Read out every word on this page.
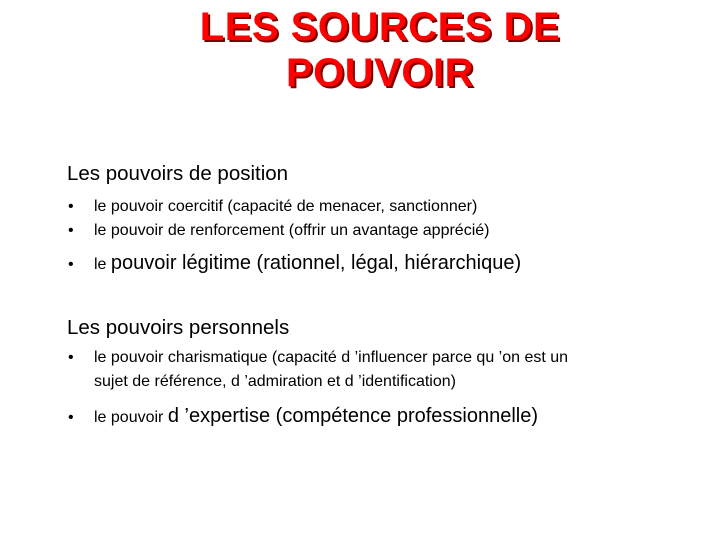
LES SOURCES DE
POUVOIR
Les pouvoirs de position
• le pouvoir coercitif (capacité de menacer, sanctionner)
• le pouvoir de renforcement (offrir un avantage apprécié)
• le pouvoir légitime (rationnel, légal, hiérarchique)
Les pouvoirs personnels
• le pouvoir charismatique (capacité d ’influencer parce qu ’on est un
sujet de référence, d ’admiration et d ’identification)
• le pouvoir d ’expertise (compétence professionnelle)
